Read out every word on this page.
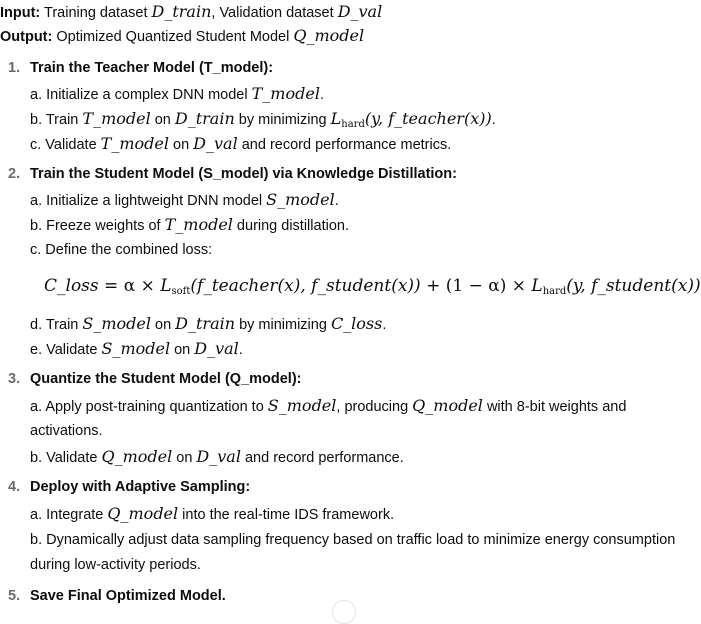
Input: Training dataset D_train, Validation dataset D_val
Output: Optimized Quantized Student Model Q_model
1. Train the Teacher Model (T_model):
a. Initialize a complex DNN model T_model.
b. Train T_model on D_train by minimizing $L_{hard}(y$, f_teacher(x)).
c. Validate T_model on D_val and record performance metrics.
2. Train the Student Model (S_model) via Knowledge Distillation:
a. Initialize a lightweight DNN model S_model.
b. Freeze weights of T_model during distillation.
c. Define the combined loss:
C_loss = $\alpha \times L_{soft}(f\_teacher(x)$, f_student(x)) + $(1 - \alpha) \times L_{hard}(y$, f_student(x))
d. Train S_model on D_train by minimizing C_loss.
e. Validate S_model on D_val.
3. Quantize the Student Model (Q_model):
a. Apply post-training quantization to S_model, producing Q_model with 8-bit weights and
activations.
b. Validate Q_model on D_val and record performance.
4. Deploy with Adaptive Sampling:
a. Integrate Q_model into the real-time IDS framework.
b. Dynamically adjust data sampling frequency based on traffic load to minimize energy consumption
during low-activity periods.
5. Save Final Optimized Model.
